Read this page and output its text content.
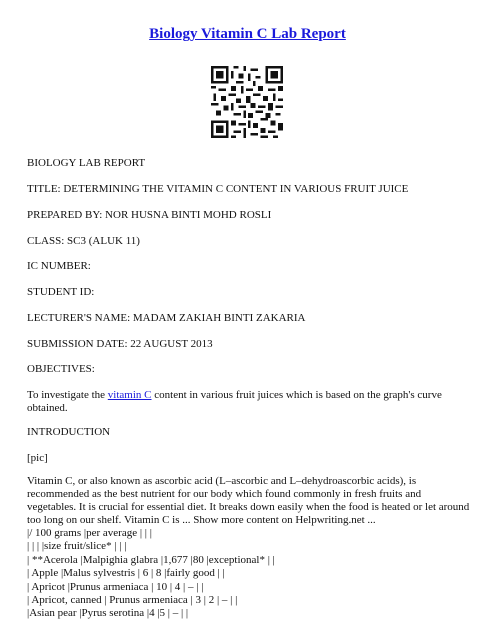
Biology Vitamin C Lab Report
BIOLOGY LAB REPORT
TITLE: DETERMINING THE VITAMIN C CONTENT IN VARIOUS FRUIT JUICE
PREPARED BY: NOR HUSNA BINTI MOHD ROSLI
CLASS: SC3 (ALUK 11)
IC NUMBER:
STUDENT ID:
LECTURER'S NAME: MADAM ZAKIAH BINTI ZAKARIA
SUBMISSION DATE: 22 AUGUST 2013
OBJECTIVES:
To investigate the vitamin C content in various fruit juices which is based on the graph's curve obtained.
INTRODUCTION
[pic]
Vitamin C, or also known as ascorbic acid (L–ascorbic and L–dehydroascorbic acids), is recommended as the best nutrient for our body which found commonly in fresh fruits and vegetables. It is crucial for essential diet. It breaks down easily when the food is heated or let around too long on our shelf. Vitamin C is ... Show more content on Helpwriting.net ...
|/ 100 grams |per average | | |
| | | |size fruit/slice* | | |
| **Acerola |Malpighia glabra |1,677 |80 |exceptional* | |
| Apple |Malus sylvestris | 6 | 8 |fairly good | |
| Apricot |Prunus armeniaca | 10 | 4 | – | |
| Apricot, canned | Prunus armeniaca | 3 | 2 | – | |
|Asian pear |Pyrus serotina |4 |5 | – | |
